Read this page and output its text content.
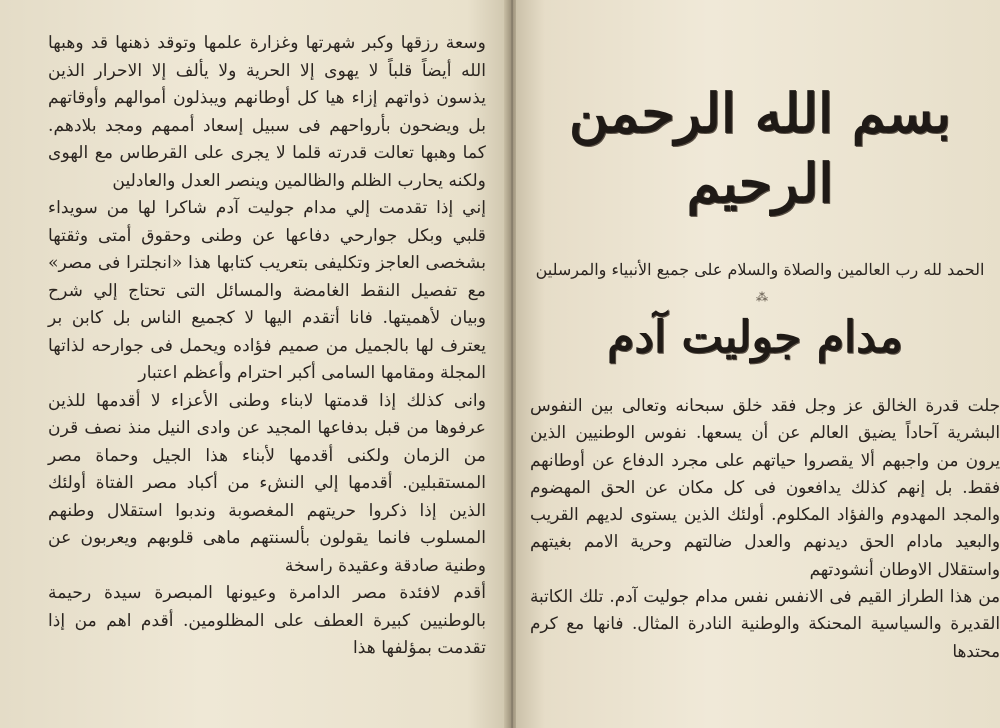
وسعة رزقها وكبر شهرتها وغزارة علمها وتوقد ذهنها قد وهبها الله أيضاً قلباً لا يهوى إلا الحرية ولا يألف إلا الاحرار الذين يذسون ذواتهم إزاء هيا كل أوطانهم ويبذلون أموالهم وأوقاتهم بل ويضحون بأرواحهم فى سبيل إسعاد أممهم ومجد بلادهم. كما وهبها تعالت قدرته قلما لا يجرى على القرطاس مع الهوى ولكنه يحارب الظلم والظالمين وينصر العدل والعادلين

إني إذا تقدمت إلي مدام جوليت آدم شاكرا لها من سويداء قلبي وبكل جوارحي دفاعها عن وطنى وحقوق أمتى وثقتها بشخصى العاجز وتكليفى بتعريب كتابها هذا «انجلترا فى مصر» مع تفصيل النقط الغامضة والمسائل التى تحتاج إلي شرح وبيان لأهميتها. فانا أتقدم اليها لا كجميع الناس بل كابن بر يعترف لها بالجميل من صميم فؤاده ويحمل فى جوارحه لذاتها المجلة ومقامها السامى أكبر احترام وأعظم اعتبار

وانى كذلك إذا قدمتها لابناء وطنى الأعزاء لا أقدمها للذين عرفوها من قبل بدفاعها المجيد عن وادى النيل منذ نصف قرن من الزمان ولكنى أقدمها لأبناء هذا الجيل وحماة مصر المستقبلين. أقدمها إلي النشء من أكباد مصر الفتاة أولئك الذين إذا ذكروا حريتهم المغصوبة وندبوا استقلال وطنهم المسلوب فانما يقولون بألسنتهم ماهى قلوبهم ويعربون عن وطنية صادقة وعقيدة راسخة

أقدم لافئدة مصر الدامرة وعيونها المبصرة سيدة رحيمة بالوطنيين كبيرة العطف على المظلومين. أقدم اهم من إذا تقدمت بمؤلفها هذا

بسم الله الرحمن الرحيم
الحمد لله رب العالمين والصلاة والسلام على جميع الأنبياء والمرسلين
⁂
مدام جوليت آدم

جلت قدرة الخالق عز وجل فقد خلق سبحانه وتعالى بين النفوس البشرية آحاداً يضيق العالم عن أن يسعها. نفوس الوطنيين الذين يرون من واجبهم ألا يقصروا حياتهم على مجرد الدفاع عن أوطانهم فقط. بل إنهم كذلك يدافعون فى كل مكان عن الحق المهضوم والمجد المهدوم والفؤاد المكلوم. أولئك الذين يستوى لديهم القريب والبعيد مادام الحق ديدنهم والعدل ضالتهم وحرية الامم بغيتهم واستقلال الاوطان أنشودتهم

من هذا الطراز القيم فى الانفس نفس مدام جوليت آدم. تلك الكاتبة القديرة والسياسية المحنكة والوطنية النادرة المثال. فانها مع كرم محتدها
